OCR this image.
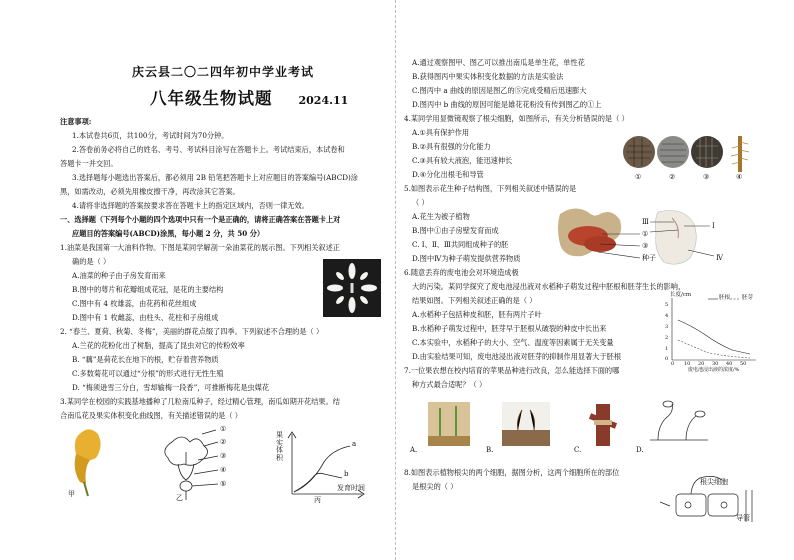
庆云县二〇二四年初中学业考试
八年级生物试题 2024.11
注意事项:
1.本试卷共6页，共100分，考试时间为70分钟。
2.答卷前务必将自己的姓名、考号、考试科目涂写在答题卡上。考试结束后，本试卷和
答题卡一并交回。
3.选择题每小题选出答案后，都必须用 2B 铅笔把答题卡上对应题目的答案编号(ABCD)涂
黑，如需改动，必须先用橡皮擦干净，再改涂其它答案。
4.请将非选择题的答案按要求答在答题卡上的指定区域内，否则一律无效。
一、选择题（下列每个小题的四个选项中只有一个是正确的，请将正确答案在答题卡上对
应题目的答案编号(ABCD)涂黑，每小题 2 分，共 50 分）
1.油菜是我国第一大油料作物。下图是某同学解剖一朵油菜花的展示图。下列相关叙述正
确的是（ ）
A.油菜的种子由子房发育而来
B.图中的萼片和花瓣组成花冠，是花的主要结构
C.图中有 4 枚雄蕊，由花药和花丝组成
D.图中有 1 枚雌蕊，由柱头、花柱和子房组成
2. “春兰、夏荷、秋菊、冬梅”，美丽的群花点缀了四季。下列叙述不合理的是（ ）
A.兰花的花粉化出了树脂，提高了昆虫对它的传粉效率
B. “藕”是荷花长在地下的根，贮存着营养物质
C.多数菊花可以通过“分根”的形式进行无性生殖
D. “梅须逊雪三分白，雪却输梅一段香”，可推断梅花是虫媒花
3.某同学在校园的实践基地播种了几粒南瓜种子，经过精心管理，南瓜如期开花结果。结
合南瓜花及果实体积变化曲线图，有关描述错误的是（ ）
甲	乙	丙
①
②
③
④
⑤
果
实
体
积
发育时间
a
b
A.通过观察图甲、图乙可以推出南瓜是单生花，单性花
B.获得图丙中果实体积变化数据的方法是实验法
C.图丙中 a 曲线的原因是图乙的⑤完成受精后迅速膨大
D.图丙中 b 曲线的原因可能是雄花花粉没有传到图乙的①上
4.某同学用显微镜观察了根尖细胞，如图所示，有关分析错误的是（ ）
A.①具有保护作用
B.②具有很强的分化能力
C.③具有较大液泡，能迅速伸长
D.④分化出根毛和导管	①	②	③	④
5.如图表示花生种子结构图，下列相关叙述中错误的是
（ ）
A.花生为被子植物
B.图中①由子房壁发育而成
C. Ⅰ、Ⅱ、Ⅲ共同组成种子的胚
D.图中Ⅳ为种子萌发提供营养物质
①
③
种子
Ⅲ	Ⅰ
Ⅳ
6.随意丢弃的废电池会对环境造成极
大的污染。某同学探究了废电池浸出液对水稻种子萌发过程中胚根和胚芽生长的影响，
结果如图。下列相关叙述正确的是（ ）
A.水稻种子包括种皮和胚，胚有两片子叶
B.水稻种子萌发过程中，胚芽早于胚根从破裂的种皮中长出来
C.本实验中，水稻种子的大小、空气、温度等因素属于无关变量
D.由实验结果可知，废电池浸出液对胚芽的抑制作用显著大于胚根
长度/cm	胚根 胚芽
5
4
3
2
1
0
0 10 20 30 40 50
废电池浸出液的浓度/%
7.一位果农想在校内培育的苹果品种进行改良，怎么能选择下面的哪
种方式最合适呢？（ ）
A.	B.	C.	D.
8.如图表示植物根尖的两个细胞，据图分析，这两个细胞所在的部位
是根尖的（ ）	根尖细胞
导管
